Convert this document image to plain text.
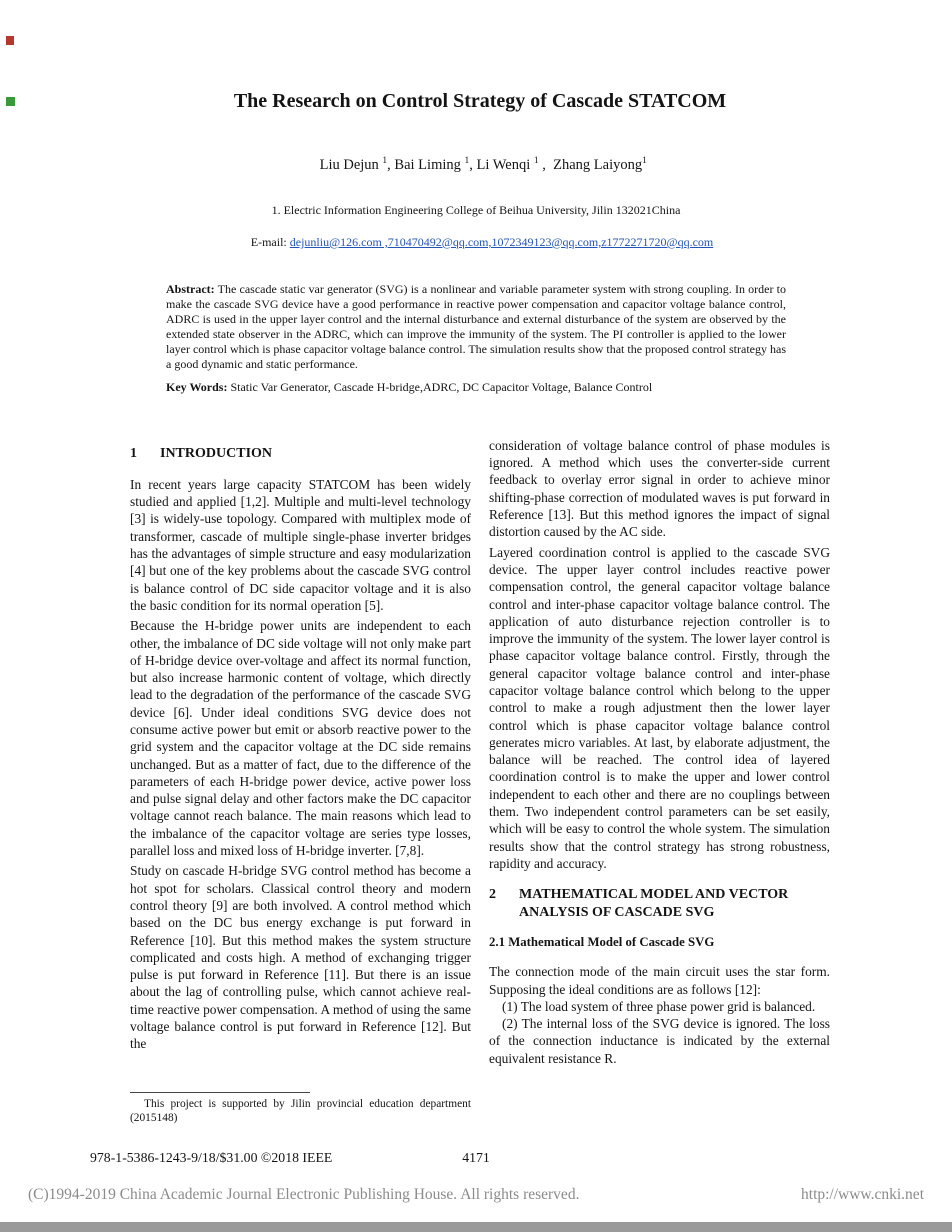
The Research on Control Strategy of Cascade STATCOM

Liu Dejun $^1$, Bai Liming $^1$, Li Wenqi $^1$ ,  Zhang Laiyong$^1$

1. Electric Information Engineering College of Beihua University, Jilin 132021China

E-mail: dejunliu@126.com ,710470492@qq.com,1072349123@qq.com,z1772271720@qq.com

Abstract: The cascade static var generator (SVG) is a nonlinear and variable parameter system with strong coupling. In order to make the cascade SVG device have a good performance in reactive power compensation and capacitor voltage balance control, ADRC is used in the upper layer control and the internal disturbance and external disturbance of the system are observed by the extended state observer in the ADRC, which can improve the immunity of the system. The PI controller is applied to the lower layer control which is phase capacitor voltage balance control. The simulation results show that the proposed control strategy has a good dynamic and static performance.
Key Words: Static Var Generator, Cascade H-bridge,ADRC, DC Capacitor Voltage, Balance Control
1	INTRODUCTION

In recent years large capacity STATCOM has been widely studied and applied [1,2]. Multiple and multi-level technology [3] is widely-use topology. Compared with multiplex mode of transformer, cascade of multiple single-phase inverter bridges has the advantages of simple structure and easy modularization [4] but one of the key problems about the cascade SVG control is balance control of DC side capacitor voltage and it is also the basic condition for its normal operation [5].

Because the H-bridge power units are independent to each other, the imbalance of DC side voltage will not only make part of H-bridge device over-voltage and affect its normal function, but also increase harmonic content of voltage, which directly lead to the degradation of the performance of the cascade SVG device [6]. Under ideal conditions SVG device does not consume active power but emit or absorb reactive power to the grid system and the capacitor voltage at the DC side remains unchanged. But as a matter of fact, due to the difference of the parameters of each H-bridge power device, active power loss and pulse signal delay and other factors make the DC capacitor voltage cannot reach balance. The main reasons which lead to the imbalance of the capacitor voltage are series type losses, parallel loss and mixed loss of H-bridge inverter. [7,8].

Study on cascade H-bridge SVG control method has become a hot spot for scholars. Classical control theory and modern control theory [9] are both involved. A control method which based on the DC bus energy exchange is put forward in Reference [10]. But this method makes the system structure complicated and costs high. A method of exchanging trigger pulse is put forward in Reference [11]. But there is an issue about the lag of controlling pulse, which cannot achieve real-time reactive power compensation. A method of using the same voltage balance control is put forward in Reference [12]. But the

This project is supported by Jilin provincial education department (2015148)

consideration of voltage balance control of phase modules is ignored. A method which uses the converter-side current feedback to overlay error signal in order to achieve minor shifting-phase correction of modulated waves is put forward in Reference [13]. But this method ignores the impact of signal distortion caused by the AC side.

Layered coordination control is applied to the cascade SVG device. The upper layer control includes reactive power compensation control, the general capacitor voltage balance control and inter-phase capacitor voltage balance control. The application of auto disturbance rejection controller is to improve the immunity of the system. The lower layer control is phase capacitor voltage balance control. Firstly, through the general capacitor voltage balance control and inter-phase capacitor voltage balance control which belong to the upper control to make a rough adjustment then the lower layer control which is phase capacitor voltage balance control generates micro variables. At last, by elaborate adjustment, the balance will be reached. The control idea of layered coordination control is to make the upper and lower control independent to each other and there are no couplings between them. Two independent control parameters can be set easily, which will be easy to control the whole system. The simulation results show that the control strategy has strong robustness, rapidity and accuracy.

2	MATHEMATICAL MODEL AND VECTOR ANALYSIS OF CASCADE SVG
2.1 Mathematical Model of Cascade SVG

The connection mode of the main circuit uses the star form. Supposing the ideal conditions are as follows [12]:

(1) The load system of three phase power grid is balanced.

(2) The internal loss of the SVG device is ignored. The loss of the connection inductance is indicated by the external equivalent resistance R.

978-1-5386-1243-9/18/$31.00 ©2018 IEEE	4171
(C)1994-2019 China Academic Journal Electronic Publishing House. All rights reserved.	http://www.cnki.net
